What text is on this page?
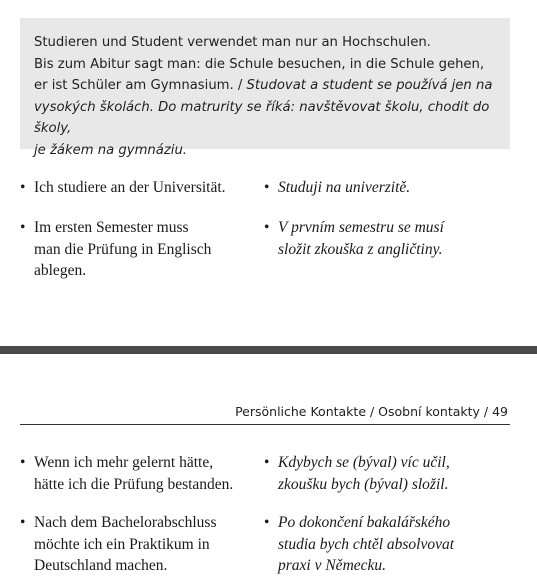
Studieren und Student verwendet man nur an Hochschulen.
Bis zum Abitur sagt man: die Schule besuchen, in die Schule gehen,
er ist Schüler am Gymnasium. / Studovat a student se používá jen na
vysokých školách. Do matrurity se říká: navštěvovat školu, chodit do školy,
je žákem na gymnáziu.
• Ich studiere an der Universität. • Studuji na univerzitě.
• Im ersten Semester muss
man die Prüfung in Englisch
ablegen.
• V prvním semestru se musí
složit zkouška z angličtiny.
Persönliche Kontakte / Osobní kontakty / 49
• Wenn ich mehr gelernt hätte,
hätte ich die Prüfung bestanden.
• Kdybych se (býval) víc učil,
zkoušku bych (býval) složil.
• Nach dem Bachelorabschluss
möchte ich ein Praktikum in
Deutschland machen.
• Po dokončení bakalářského
studia bych chtěl absolvovat
praxi v Německu.
